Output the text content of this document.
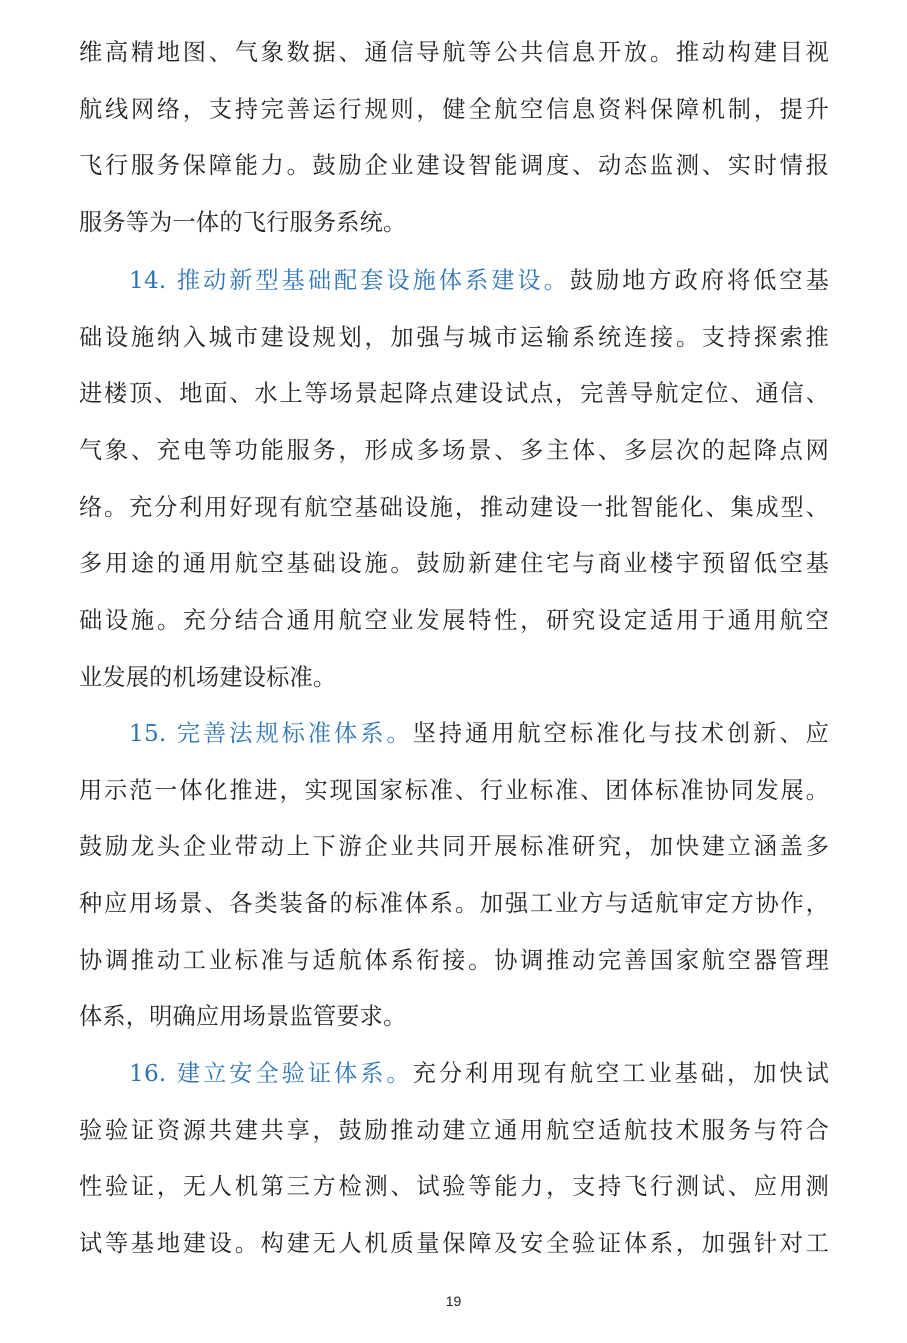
维高精地图、气象数据、通信导航等公共信息开放。推动构建目视
航线网络，支持完善运行规则，健全航空信息资料保障机制，提升
飞行服务保障能力。鼓励企业建设智能调度、动态监测、实时情报
服务等为一体的飞行服务系统。
14. 推动新型基础配套设施体系建设。鼓励地方政府将低空基
础设施纳入城市建设规划，加强与城市运输系统连接。支持探索推
进楼顶、地面、水上等场景起降点建设试点，完善导航定位、通信、
气象、充电等功能服务，形成多场景、多主体、多层次的起降点网
络。充分利用好现有航空基础设施，推动建设一批智能化、集成型、
多用途的通用航空基础设施。鼓励新建住宅与商业楼宇预留低空基
础设施。充分结合通用航空业发展特性，研究设定适用于通用航空
业发展的机场建设标准。
15. 完善法规标准体系。坚持通用航空标准化与技术创新、应
用示范一体化推进，实现国家标准、行业标准、团体标准协同发展。
鼓励龙头企业带动上下游企业共同开展标准研究，加快建立涵盖多
种应用场景、各类装备的标准体系。加强工业方与适航审定方协作，
协调推动工业标准与适航体系衔接。协调推动完善国家航空器管理
体系，明确应用场景监管要求。
16. 建立安全验证体系。充分利用现有航空工业基础，加快试
验验证资源共建共享，鼓励推动建立通用航空适航技术服务与符合
性验证，无人机第三方检测、试验等能力，支持飞行测试、应用测
试等基地建设。构建无人机质量保障及安全验证体系，加强针对工
19
